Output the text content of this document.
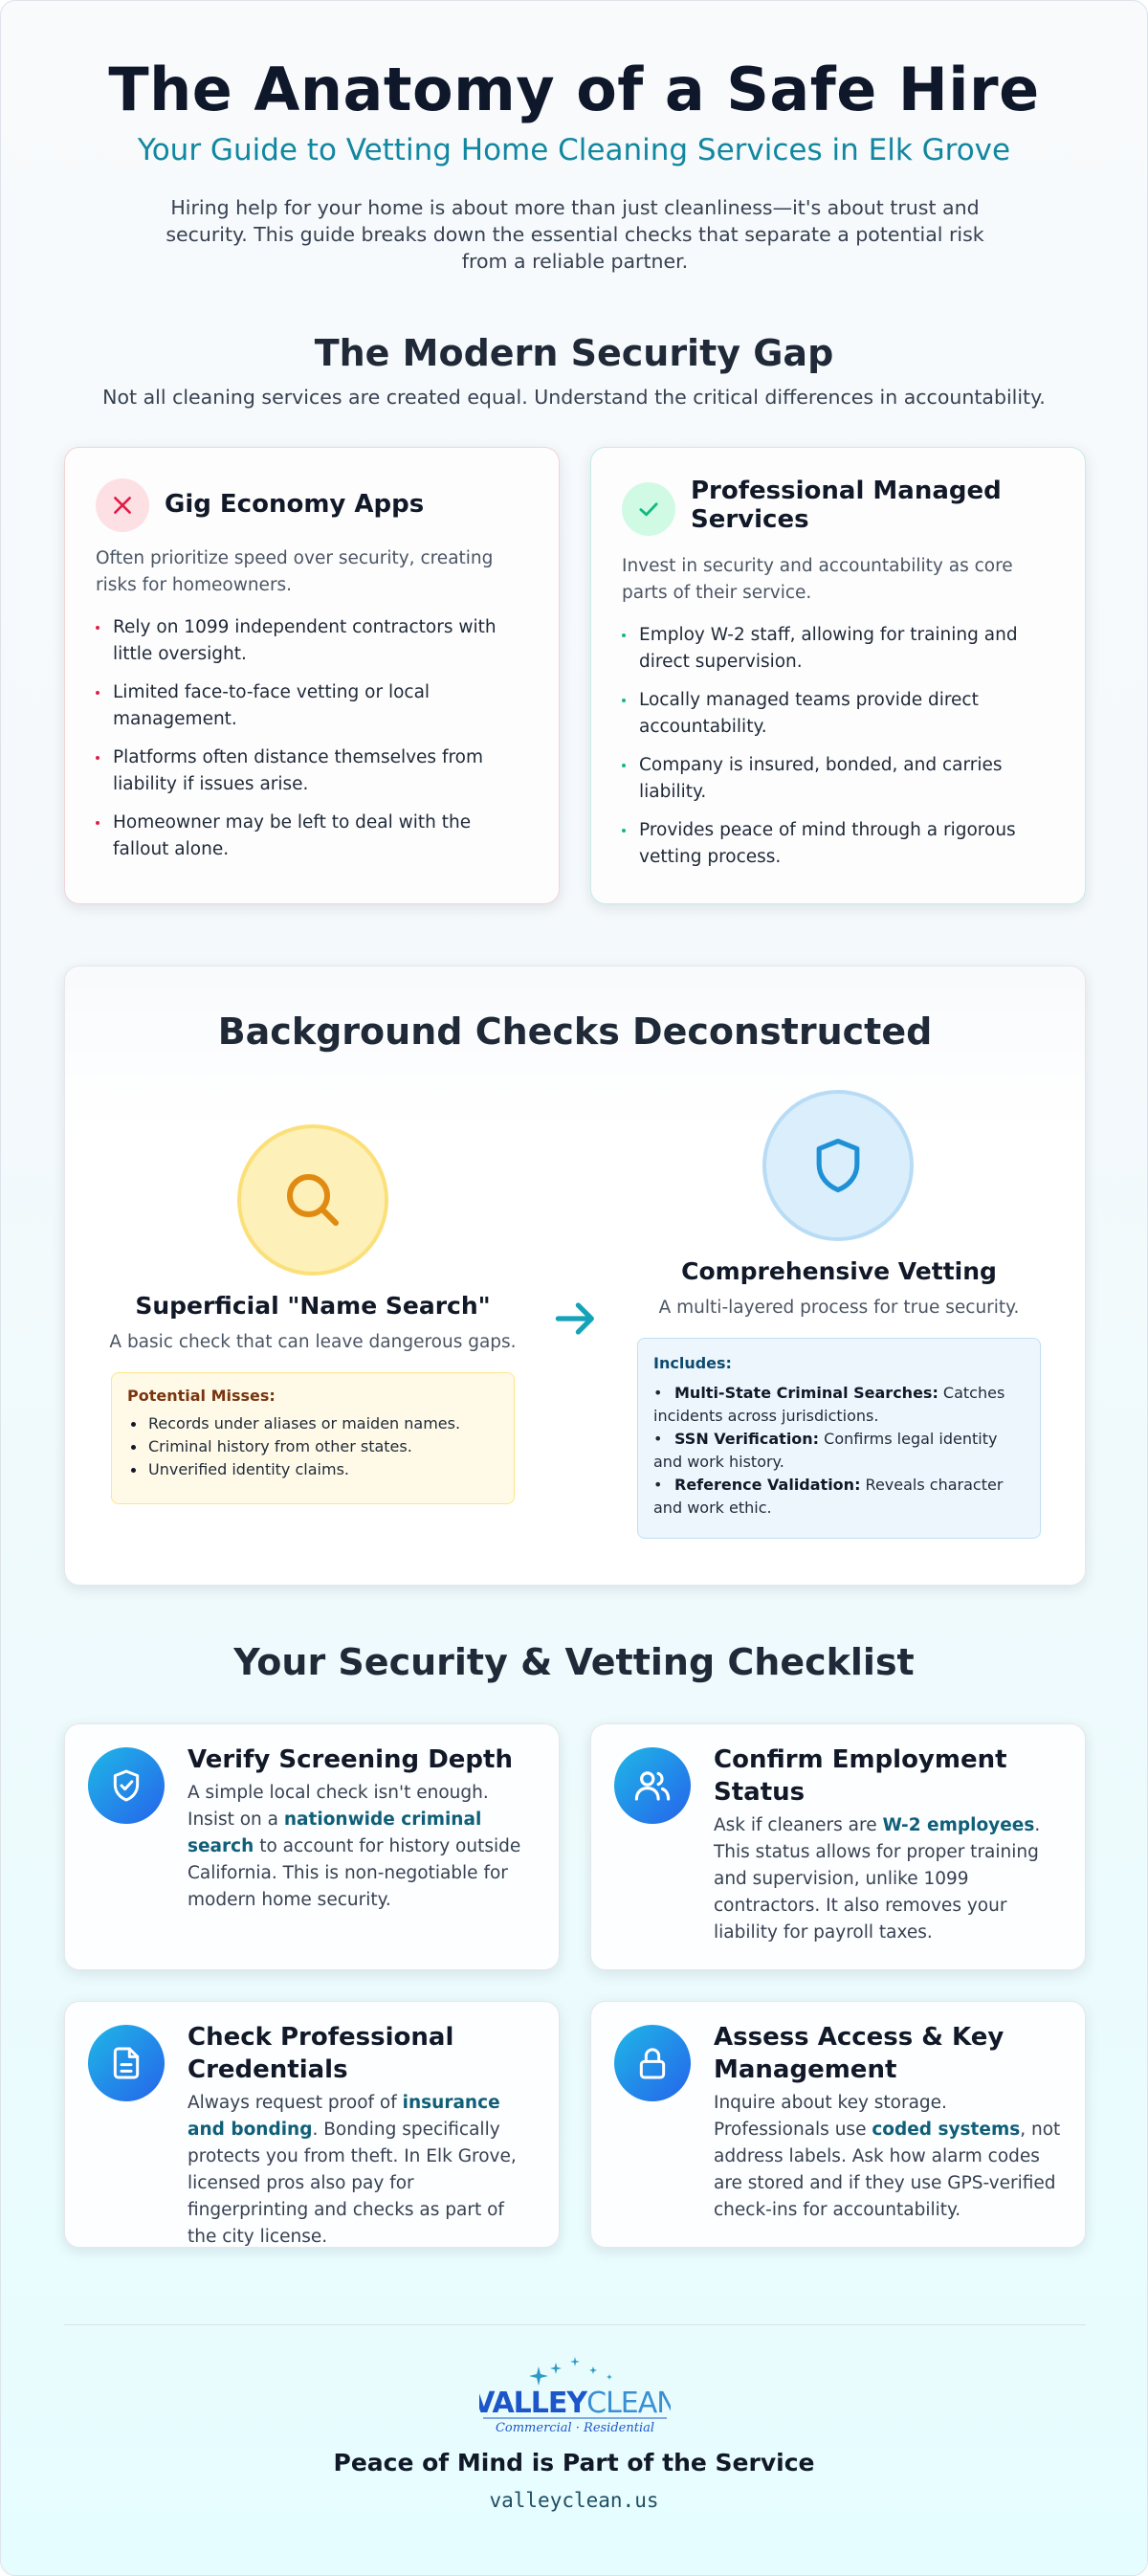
The Anatomy of a Safe Hire
Your Guide to Vetting Home Cleaning Services in Elk Grove

Hiring help for your home is about more than just cleanliness—it's about trust and security. This guide breaks down the essential checks that separate a potential risk from a reliable partner.

The Modern Security Gap

Not all cleaning services are created equal. Understand the critical differences in accountability.

Gig Economy Apps

Often prioritize speed over security, creating risks for homeowners.

Rely on 1099 independent contractors with little oversight.
Limited face-to-face vetting or local management.
Platforms often distance themselves from liability if issues arise.
Homeowner may be left to deal with the fallout alone.
Professional Managed Services

Invest in security and accountability as core parts of their service.

Employ W-2 staff, allowing for training and direct supervision.
Locally managed teams provide direct accountability.
Company is insured, bonded, and carries liability.
Provides peace of mind through a rigorous vetting process.
Background Checks Deconstructed
Superficial "Name Search"
A basic check that can leave dangerous gaps.
Potential Misses:
Records under aliases or maiden names.
Criminal history from other states.
Unverified identity claims.
Comprehensive Vetting
A multi-layered process for true security.
Includes:
• Multi-State Criminal Searches: Catches incidents across jurisdictions.
• SSN Verification: Confirms legal identity and work history.
• Reference Validation: Reveals character and work ethic.
Your Security & Vetting Checklist
Verify Screening Depth

A simple local check isn't enough. Insist on a nationwide criminal search to account for history outside California. This is non-negotiable for modern home security.

Confirm Employment Status

Ask if cleaners are W-2 employees. This status allows for proper training and supervision, unlike 1099 contractors. It also removes your liability for payroll taxes.

Check Professional Credentials

Always request proof of insurance and bonding. Bonding specifically protects you from theft. In Elk Grove, licensed pros also pay for fingerprinting and checks as part of the city license.

Assess Access & Key Management

Inquire about key storage. Professionals use coded systems, not address labels. Ask how alarm codes are stored and if they use GPS-verified check-ins for accountability.

VALLEYCLEAN
Commercial · Residential
Peace of Mind is Part of the Service
valleyclean.us
